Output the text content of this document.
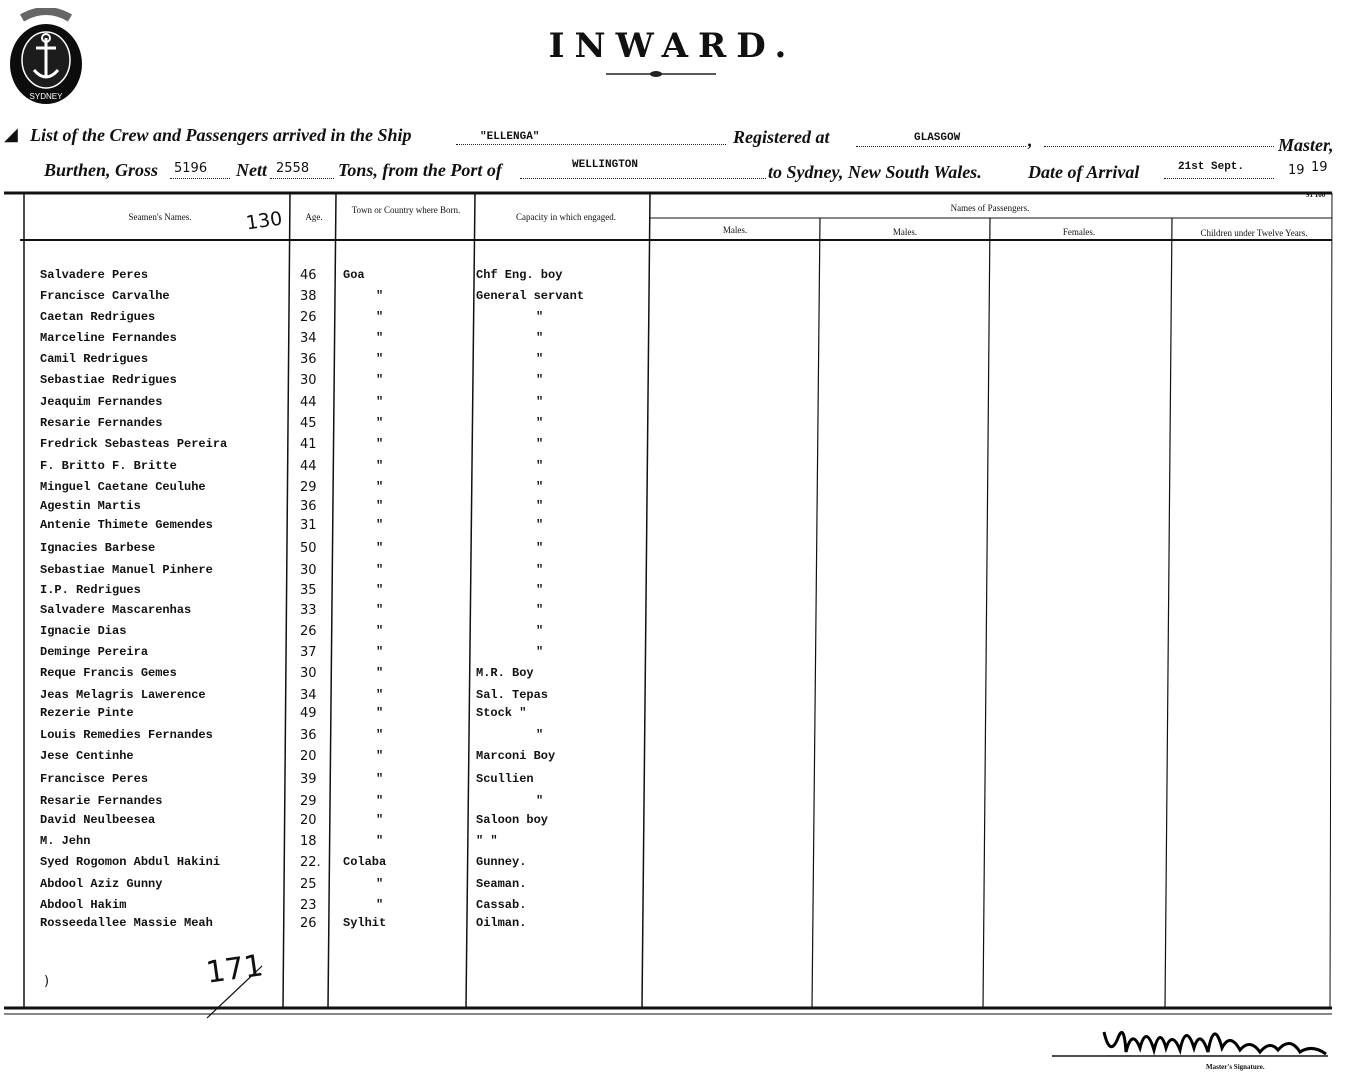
SYDNEY
INWARD.
◢ List of the Crew and Passengers arrived in the Ship	"ELLENGA"	Registered at	GLASGOW	,	Master,
Burthen, Gross 5196 Nett 2558 Tons, from the Port of	WELLINGTON	to Sydney, New South Wales.	Date of Arrival	21st Sept.	19 19
91 100
Seamen's Names.	130	Age.
Town or Country where Born.
Capacity in which engaged.
Names of Passengers.
Males.	Males.	Females.	Children under Twelve Years.
Salvadere Peres	46 Goa	Chf Eng. boy
Francisce Carvalhe	38	"	General servant
Caetan Redrigues	26	"	"
Marceline Fernandes	34	"	"
Camil Redrigues	36	"	"
Sebastiae Redrigues	30	"	"
Jeaquim Fernandes	44	"	"
Resarie Fernandes	45	"	"
Fredrick Sebasteas Pereira	41	"	"
F. Britto F. Britte	44	"	"
Minguel Caetane Ceuluhe	29	"	"
Agestin Martis	36	"	"
Antenie Thimete Gemendes	31	"	"
Ignacies Barbese	50	"	"
Sebastiae Manuel Pinhere	30	"	"
I.P. Redrigues	35	"	"
Salvadere Mascarenhas	33	"	"
Ignacie Dias	26	"	"
Deminge Pereira	37	"	"
Reque Francis Gemes	30	"	M.R. Boy
Jeas Melagris Lawerence	34	"	Sal. Tepas
Rezerie Pinte	49	"	Stock "
Louis Remedies Fernandes	36	"	"
Jese Centinhe	20	"	Marconi Boy
Francisce Peres	39	"	Scullien
Resarie Fernandes	29	"	"
David Neulbeesea	20	"	Saloon boy
M. Jehn	18	"	" "
Syed Rogomon Abdul Hakini	22. Colaba	Gunney.
Abdool Aziz Gunny	25	"	Seaman.
Abdool Hakim	23	"	Cassab.
Rosseedallee Massie Meah	26 Sylhit	Oilman.
171
)
Master's Signature.
